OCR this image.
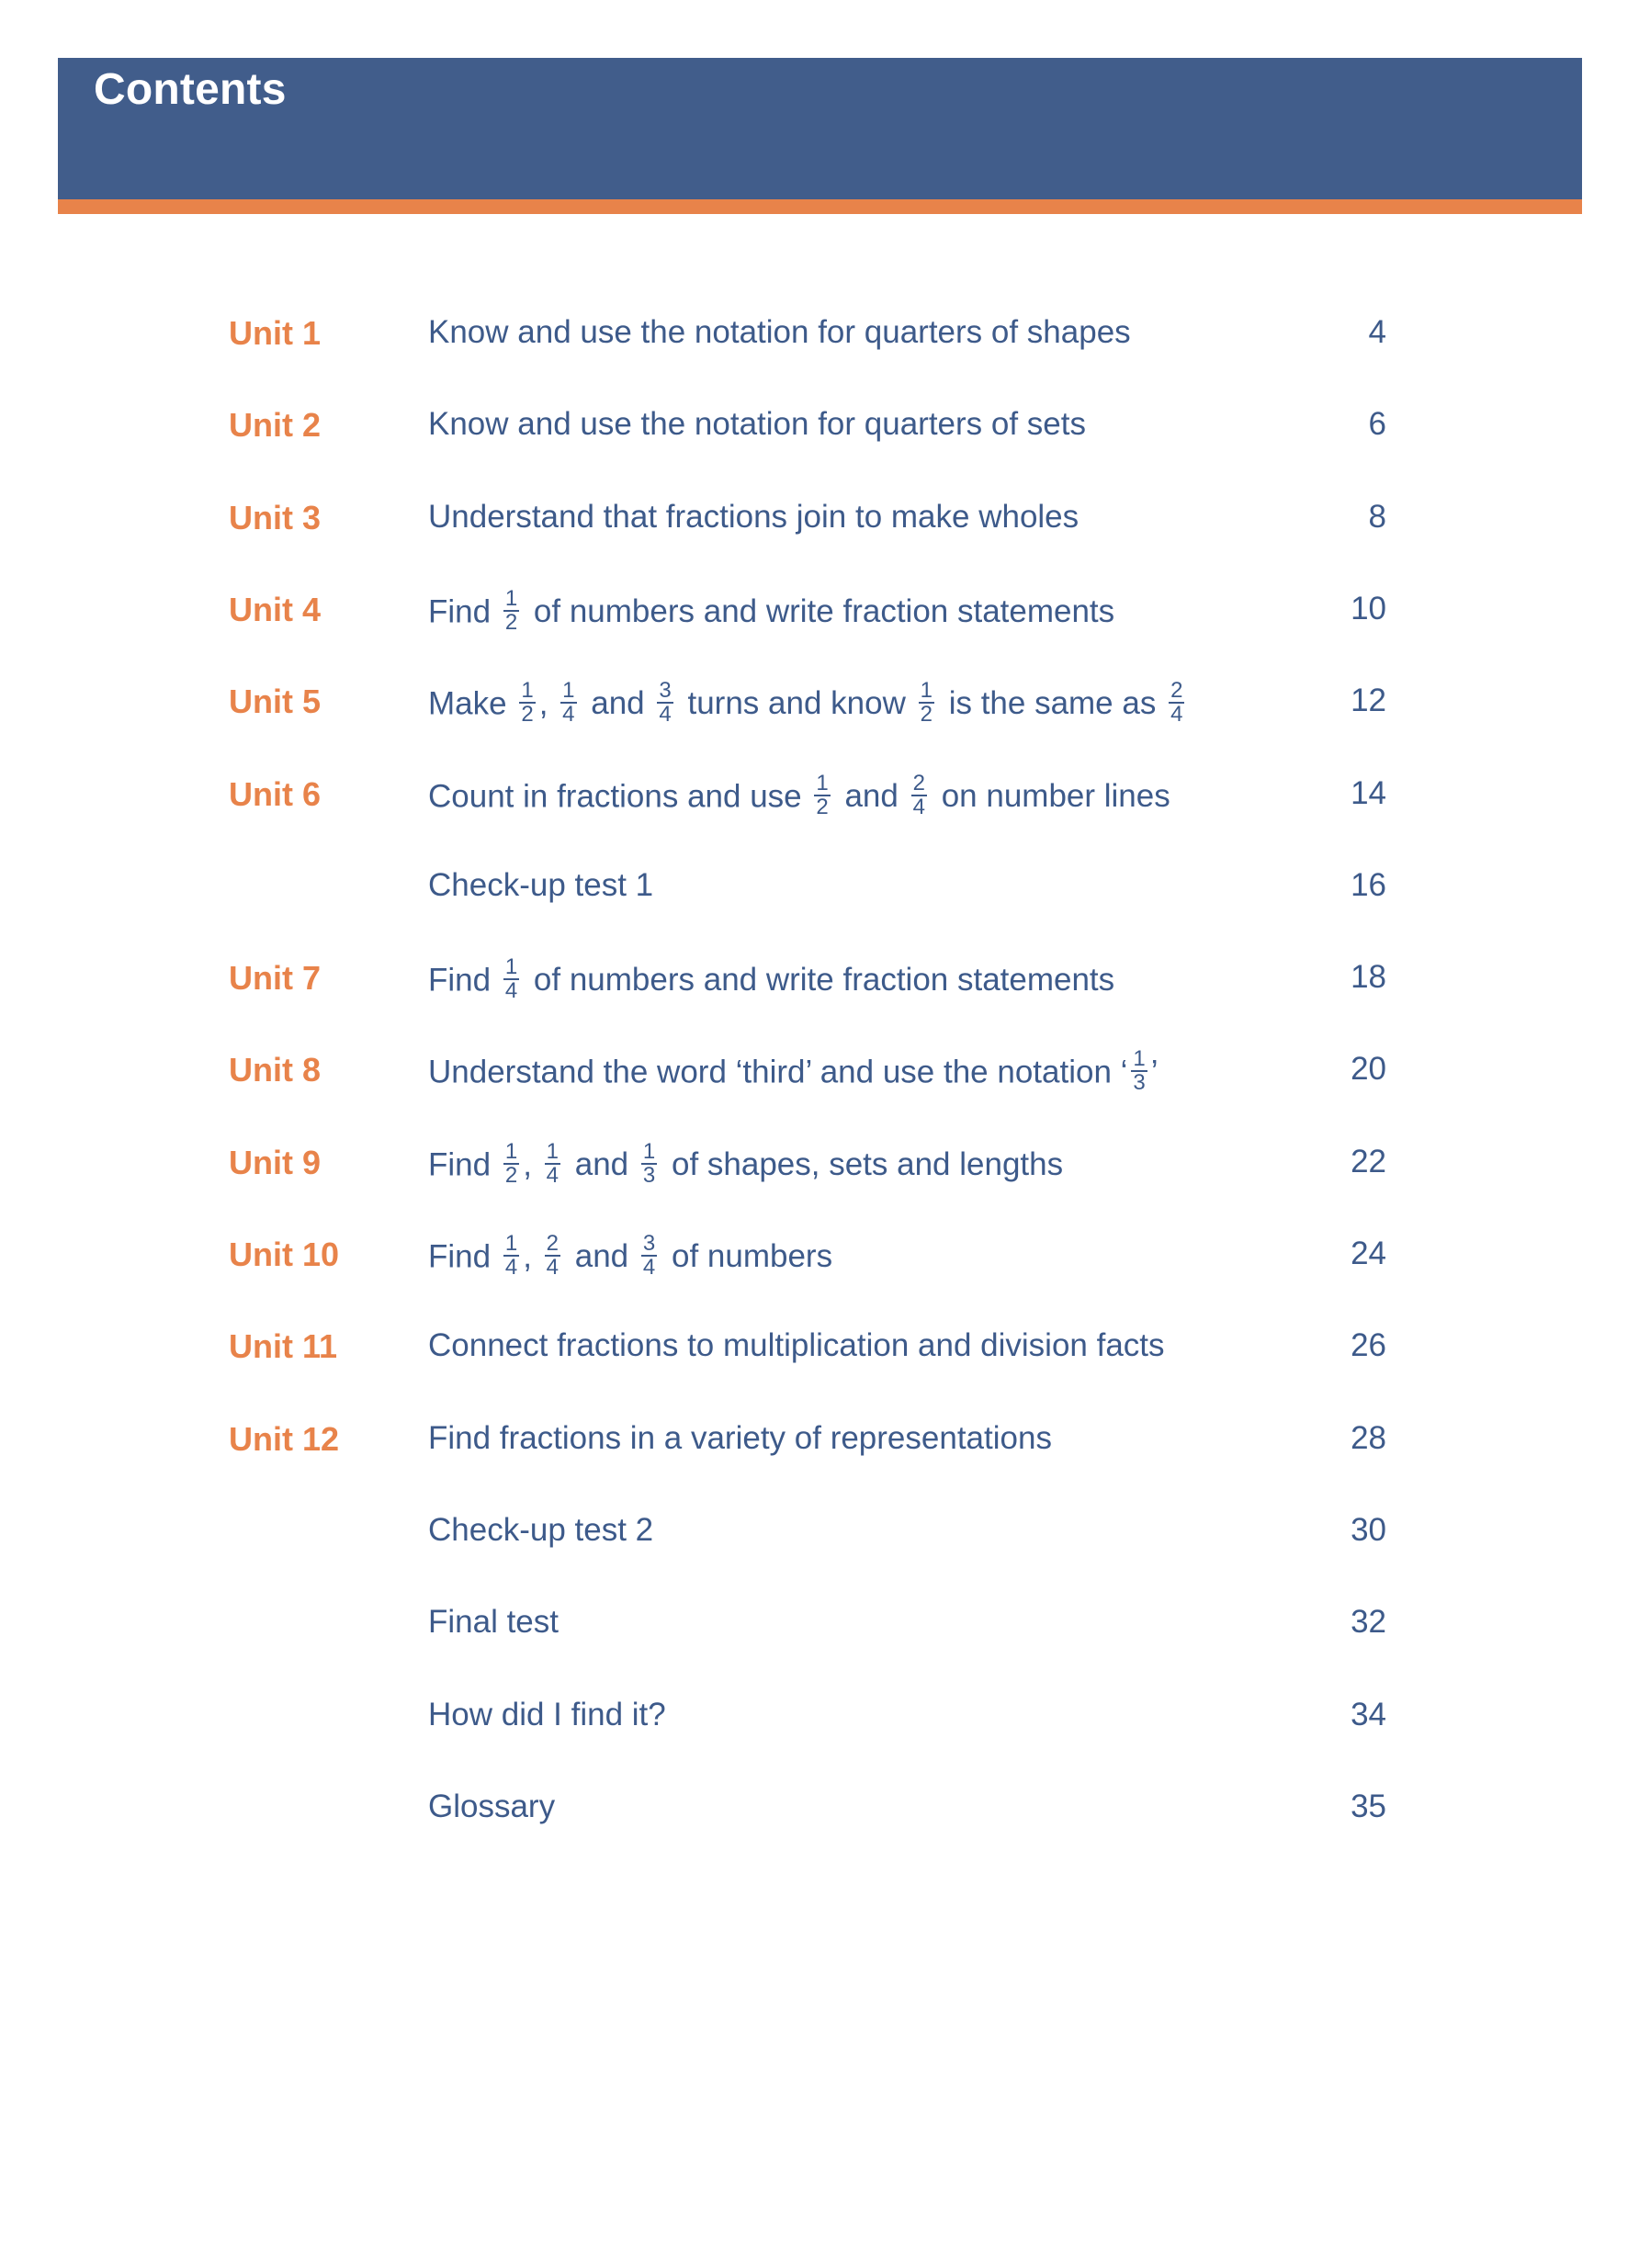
Contents
Unit 1	Know and use the notation for quarters of shapes	4
Unit 2	Know and use the notation for quarters of sets	6
Unit 3	Understand that fractions join to make wholes	8
Unit 4	Find $\frac{1}{2}$ of numbers and write fraction statements	10
Unit 5	Make $\frac{1}{2}$ , $\frac{1}{4}$ and $\frac{3}{4}$ turns and know $\frac{1}{2}$ is the same as $\frac{2}{4}$	12
Unit 6	Count in fractions and use $\frac{1}{2}$ and $\frac{2}{4}$ on number lines	14
Check-up test 1	16
Unit 7	Find $\frac{1}{4}$ of numbers and write fraction statements	18
Unit 8	Understand the word ‘third’ and use the notation ‘ $\frac{1}{3}$ ’	20
Unit 9	Find $\frac{1}{2}$ , $\frac{1}{4}$ and $\frac{1}{3}$ of shapes, sets and lengths	22
Unit 10	Find $\frac{1}{4}$ , $\frac{2}{4}$ and $\frac{3}{4}$ of numbers	24
Unit 11	Connect fractions to multiplication and division facts	26
Unit 12	Find fractions in a variety of representations	28
Check-up test 2	30
Final test	32
How did I find it?	34
Glossary	35
